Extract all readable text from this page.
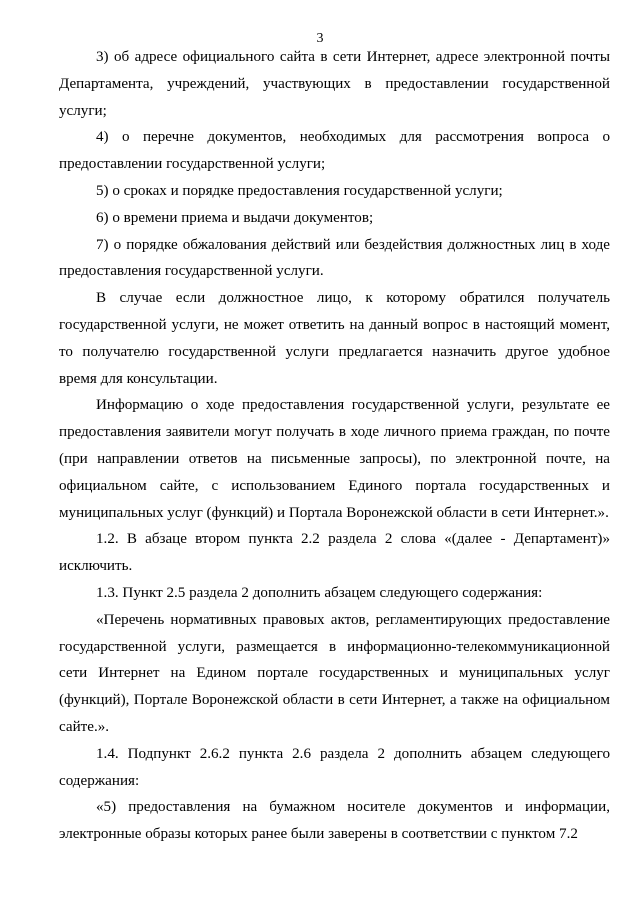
3

3) об адресе официального сайта в сети Интернет, адресе электронной почты Департамента, учреждений, участвующих в предоставлении государственной услуги;

4) о перечне документов, необходимых для рассмотрения вопроса о предоставлении государственной услуги;

5) о сроках и порядке предоставления государственной услуги;

6) о времени приема и выдачи документов;

7) о порядке обжалования действий или бездействия должностных лиц в ходе предоставления государственной услуги.

В случае если должностное лицо, к которому обратился получатель государственной услуги, не может ответить на данный вопрос в настоящий момент, то получателю государственной услуги предлагается назначить другое удобное время для консультации.

Информацию о ходе предоставления государственной услуги, результате ее предоставления заявители могут получать в ходе личного приема граждан, по почте (при направлении ответов на письменные запросы), по электронной почте, на официальном сайте, с использованием Единого портала государственных и муниципальных услуг (функций) и Портала Воронежской области в сети Интернет.».

1.2. В абзаце втором пункта 2.2 раздела 2 слова «(далее - Департамент)» исключить.

1.3. Пункт 2.5 раздела 2 дополнить абзацем следующего содержания:

«Перечень нормативных правовых актов, регламентирующих предоставление государственной услуги, размещается в информационно-телекоммуникационной сети Интернет на Едином портале государственных и муниципальных услуг (функций), Портале Воронежской области в сети Интернет, а также на официальном сайте.».

1.4. Подпункт 2.6.2 пункта 2.6 раздела 2 дополнить абзацем следующего содержания:

«5) предоставления на бумажном носителе документов и информации, электронные образы которых ранее были заверены в соответствии с пунктом 7.2
